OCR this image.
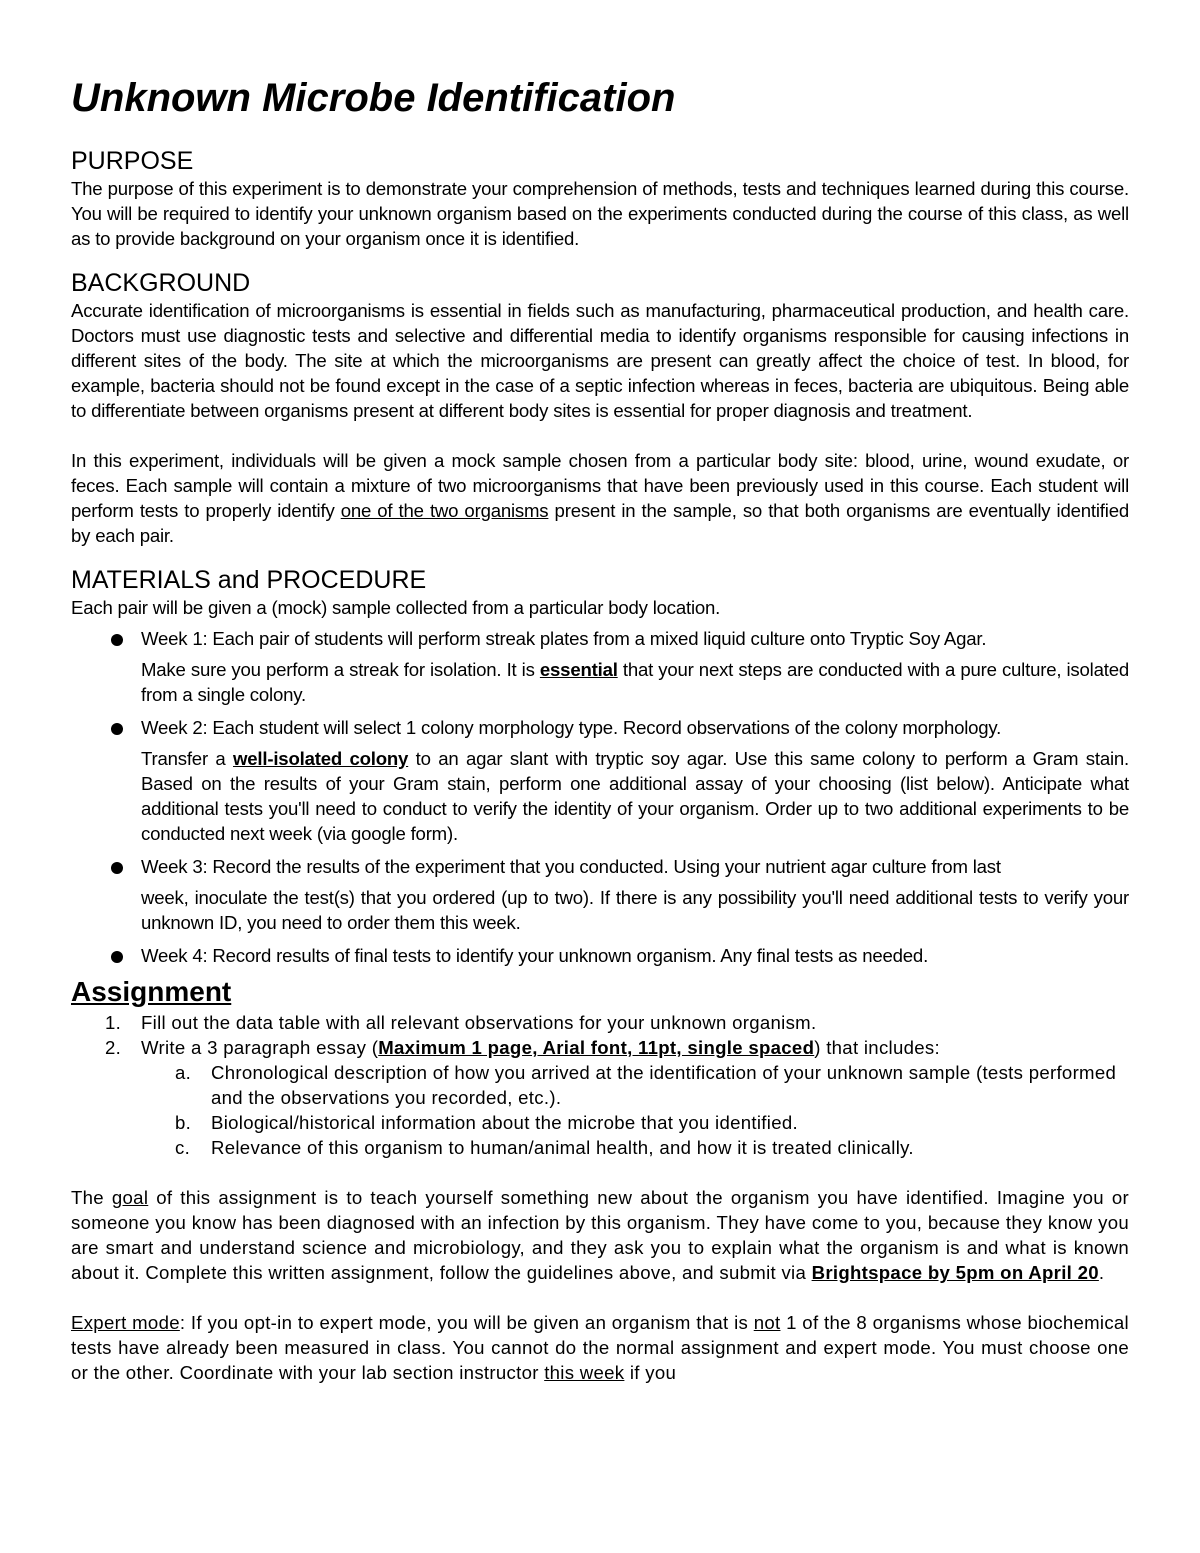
Unknown Microbe Identification
PURPOSE

The purpose of this experiment is to demonstrate your comprehension of methods, tests and techniques learned during this course. You will be required to identify your unknown organism based on the experiments conducted during the course of this class, as well as to provide background on your organism once it is identified.

BACKGROUND

Accurate identification of microorganisms is essential in fields such as manufacturing, pharmaceutical production, and health care. Doctors must use diagnostic tests and selective and differential media to identify organisms responsible for causing infections in different sites of the body. The site at which the microorganisms are present can greatly affect the choice of test. In blood, for example, bacteria should not be found except in the case of a septic infection whereas in feces, bacteria are ubiquitous. Being able to differentiate between organisms present at different body sites is essential for proper diagnosis and treatment.

In this experiment, individuals will be given a mock sample chosen from a particular body site: blood, urine, wound exudate, or feces. Each sample will contain a mixture of two microorganisms that have been previously used in this course. Each student will perform tests to properly identify one of the two organisms present in the sample, so that both organisms are eventually identified by each pair.

MATERIALS and PROCEDURE

Each pair will be given a (mock) sample collected from a particular body location.

Week 1: Each pair of students will perform streak plates from a mixed liquid culture onto Tryptic Soy Agar.
Make sure you perform a streak for isolation. It is essential that your next steps are conducted with a pure culture, isolated from a single colony.
Week 2: Each student will select 1 colony morphology type. Record observations of the colony morphology.
Transfer a well-isolated colony to an agar slant with tryptic soy agar. Use this same colony to perform a Gram stain. Based on the results of your Gram stain, perform one additional assay of your choosing (list below). Anticipate what additional tests you'll need to conduct to verify the identity of your organism. Order up to two additional experiments to be conducted next week (via google form).
Week 3: Record the results of the experiment that you conducted. Using your nutrient agar culture from last
week, inoculate the test(s) that you ordered (up to two). If there is any possibility you'll need additional tests to verify your unknown ID, you need to order them this week.
Week 4: Record results of final tests to identify your unknown organism. Any final tests as needed.
Assignment
1. Fill out the data table with all relevant observations for your unknown organism.
2. Write a 3 paragraph essay (Maximum 1 page, Arial font, 11pt, single spaced) that includes:
a. Chronological description of how you arrived at the identification of your unknown sample (tests performed and the observations you recorded, etc.).
b. Biological/historical information about the microbe that you identified.
c. Relevance of this organism to human/animal health, and how it is treated clinically.

The goal of this assignment is to teach yourself something new about the organism you have identified. Imagine you or someone you know has been diagnosed with an infection by this organism. They have come to you, because they know you are smart and understand science and microbiology, and they ask you to explain what the organism is and what is known about it. Complete this written assignment, follow the guidelines above, and submit via Brightspace by 5pm on April 20.

Expert mode: If you opt-in to expert mode, you will be given an organism that is not 1 of the 8 organisms whose biochemical tests have already been measured in class. You cannot do the normal assignment and expert mode. You must choose one or the other. Coordinate with your lab section instructor this week if you
